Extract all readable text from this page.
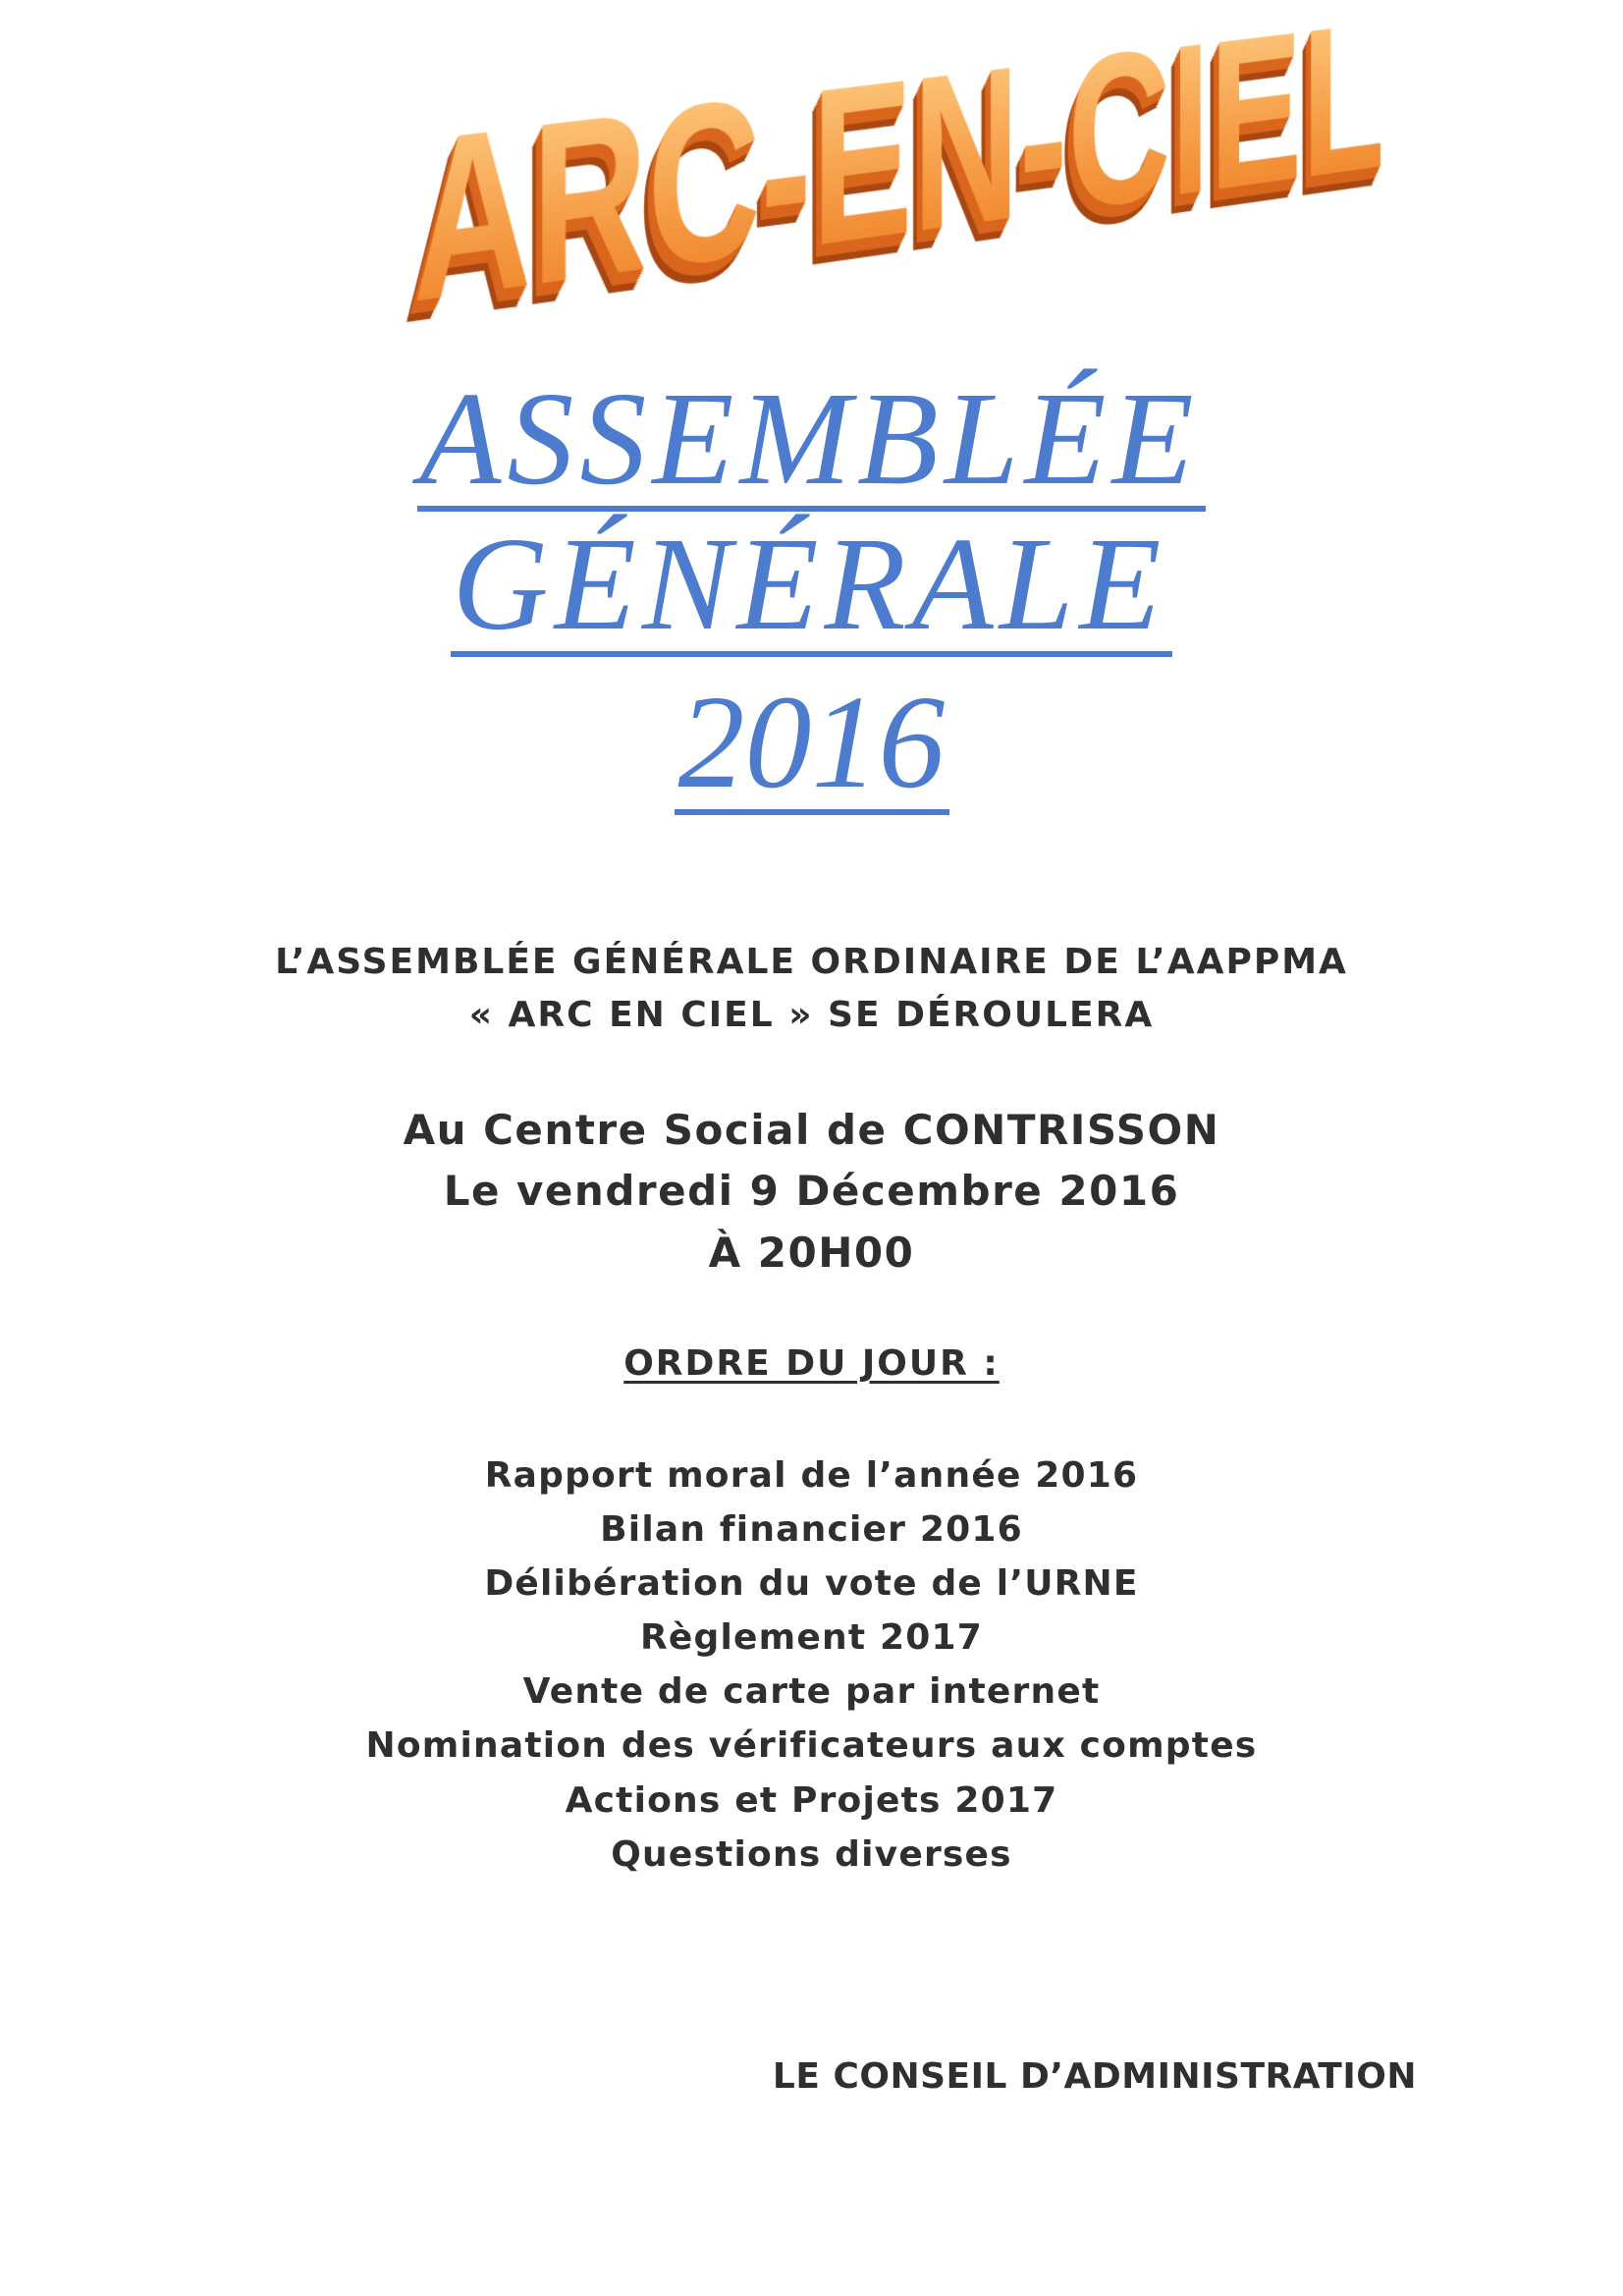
ASSEMBLÉE
GÉNÉRALE
2016
L’ASSEMBLÉE GÉNÉRALE ORDINAIRE DE L’AAPPMA
« ARC EN CIEL » SE DÉROULERA
Au Centre Social de CONTRISSON
Le vendredi 9 Décembre 2016
À 20H00
ORDRE DU JOUR :
Rapport moral de l’année 2016
Bilan financier 2016
Délibération du vote de l’URNE
Règlement 2017
Vente de carte par internet
Nomination des vérificateurs aux comptes
Actions et Projets 2017
Questions diverses
LE CONSEIL D’ADMINISTRATION
